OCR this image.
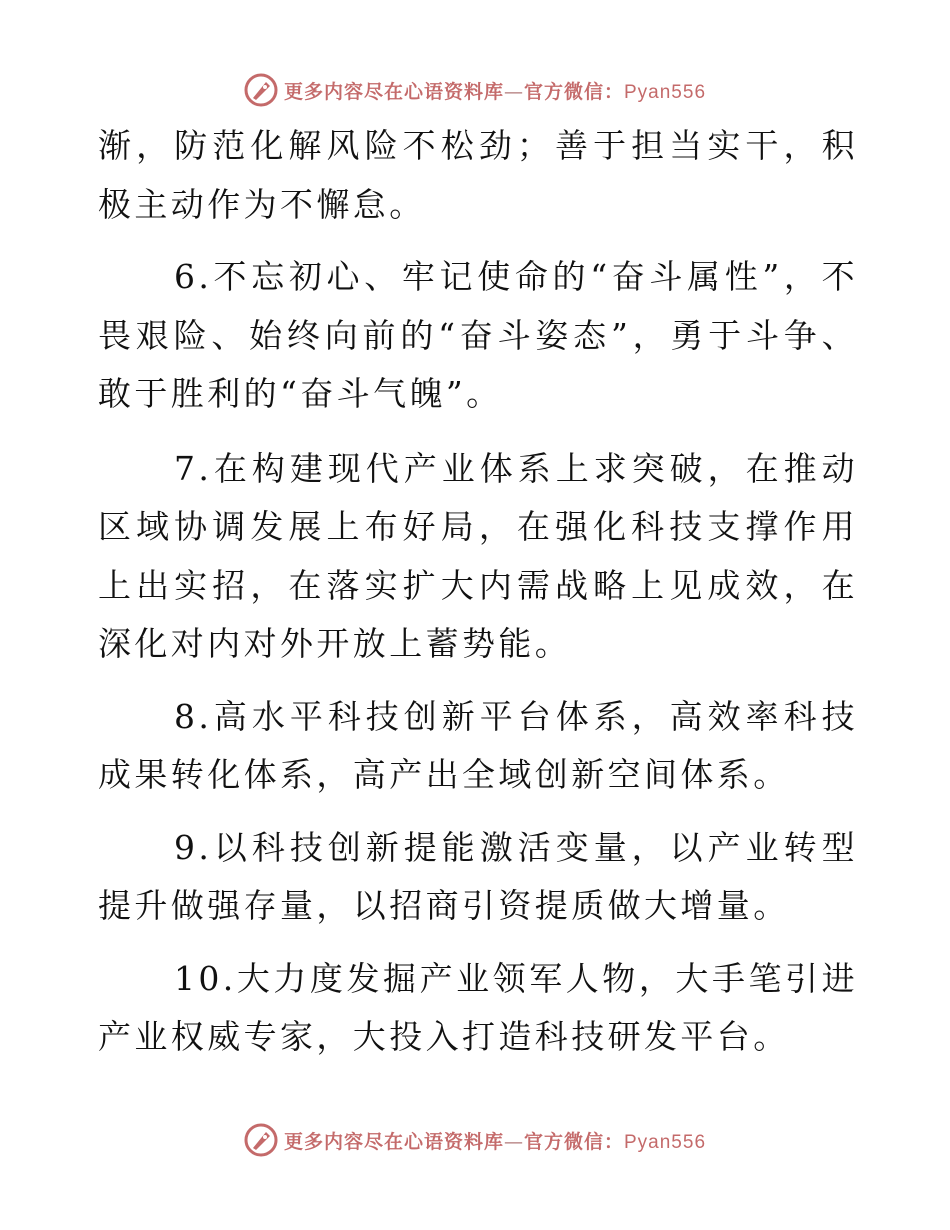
更多内容尽在心语资料库—官方微信：Pyan556

渐，防范化解风险不松劲；善于担当实干，积极主动作为不懈怠。

6.不忘初心、牢记使命的“奋斗属性”，不畏艰险、始终向前的“奋斗姿态”，勇于斗争、敢于胜利的“奋斗气魄”。

7.在构建现代产业体系上求突破，在推动区域协调发展上布好局，在强化科技支撑作用上出实招，在落实扩大内需战略上见成效，在深化对内对外开放上蓄势能。

8.高水平科技创新平台体系，高效率科技成果转化体系，高产出全域创新空间体系。

9.以科技创新提能激活变量，以产业转型提升做强存量，以招商引资提质做大增量。

10.大力度发掘产业领军人物，大手笔引进产业权威专家，大投入打造科技研发平台。

更多内容尽在心语资料库—官方微信：Pyan556
